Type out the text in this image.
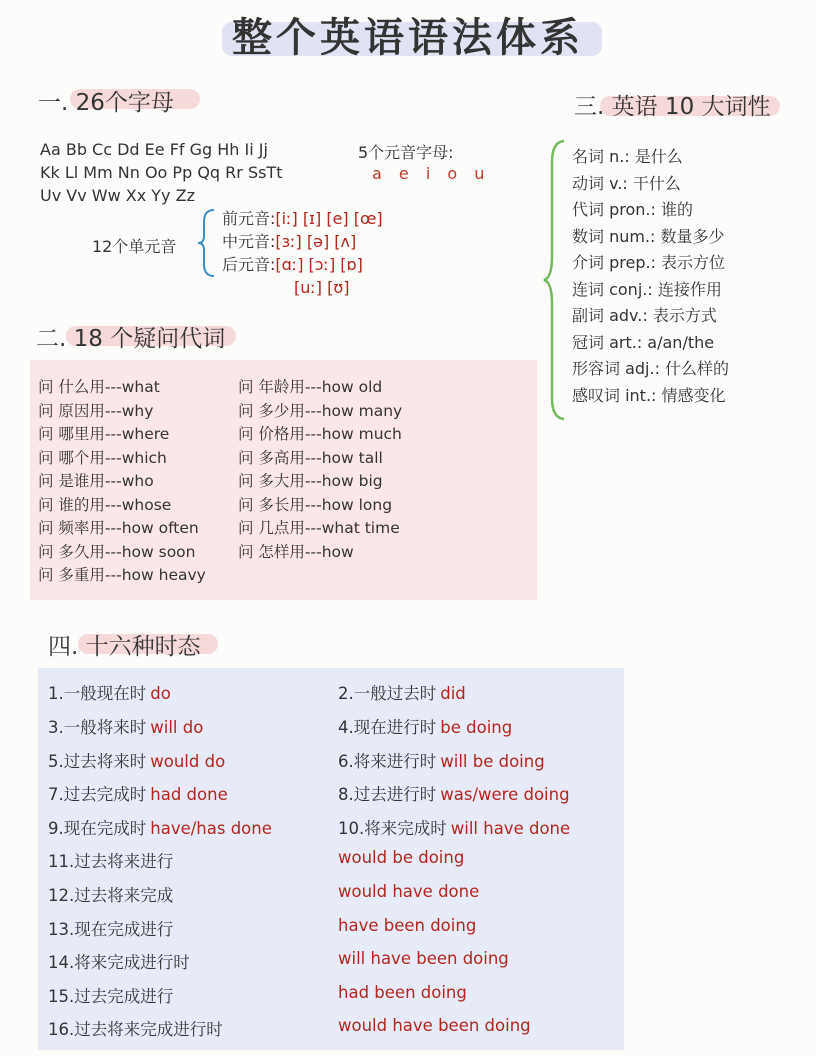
整个英语语法体系
一. 26个字母
Aa Bb Cc Dd Ee Ff Gg Hh Ii Jj
Kk Ll Mm Nn Oo Pp Qq Rr SsTt
Uv Vv Ww Xx Yy Zz
5个元音字母:
a e i o u
12个单元音
前元音:[iː] [ɪ] [e] [œ]
中元音:[ɜː] [ə] [ʌ]
后元音:[ɑː] [ɔː] [ɒ]
[uː] [ʊ]
二. 18 个疑问代词
问 什么用---what
问 原因用---why
问 哪里用---where
问 哪个用---which
问 是谁用---who
问 谁的用---whose
问 频率用---how often
问 多久用---how soon
问 多重用---how heavy
问 年龄用---how old
问 多少用---how many
问 价格用---how much
问 多高用---how tall
问 多大用---how big
问 多长用---how long
问 几点用---what time
问 怎样用---how
三. 英语 10 大词性
名词 n.: 是什么
动词 v.: 干什么
代词 pron.: 谁的
数词 num.: 数量多少
介词 prep.: 表示方位
连词 conj.: 连接作用
副词 adv.: 表示方式
冠词 art.: a/an/the
形容词 adj.: 什么样的
感叹词 int.: 情感变化
四. 十六种时态
1.一般现在时 do	2.一般过去时 did
3.一般将来时 will do	4.现在进行时 be doing
5.过去将来时 would do	6.将来进行时 will be doing
7.过去完成时 had done	8.过去进行时 was/were doing
9.现在完成时 have/has done	10.将来完成时 will have done
11.过去将来进行	would be doing
12.过去将来完成	would have done
13.现在完成进行	have been doing
14.将来完成进行时	will have been doing
15.过去完成进行	had been doing
16.过去将来完成进行时	would have been doing
